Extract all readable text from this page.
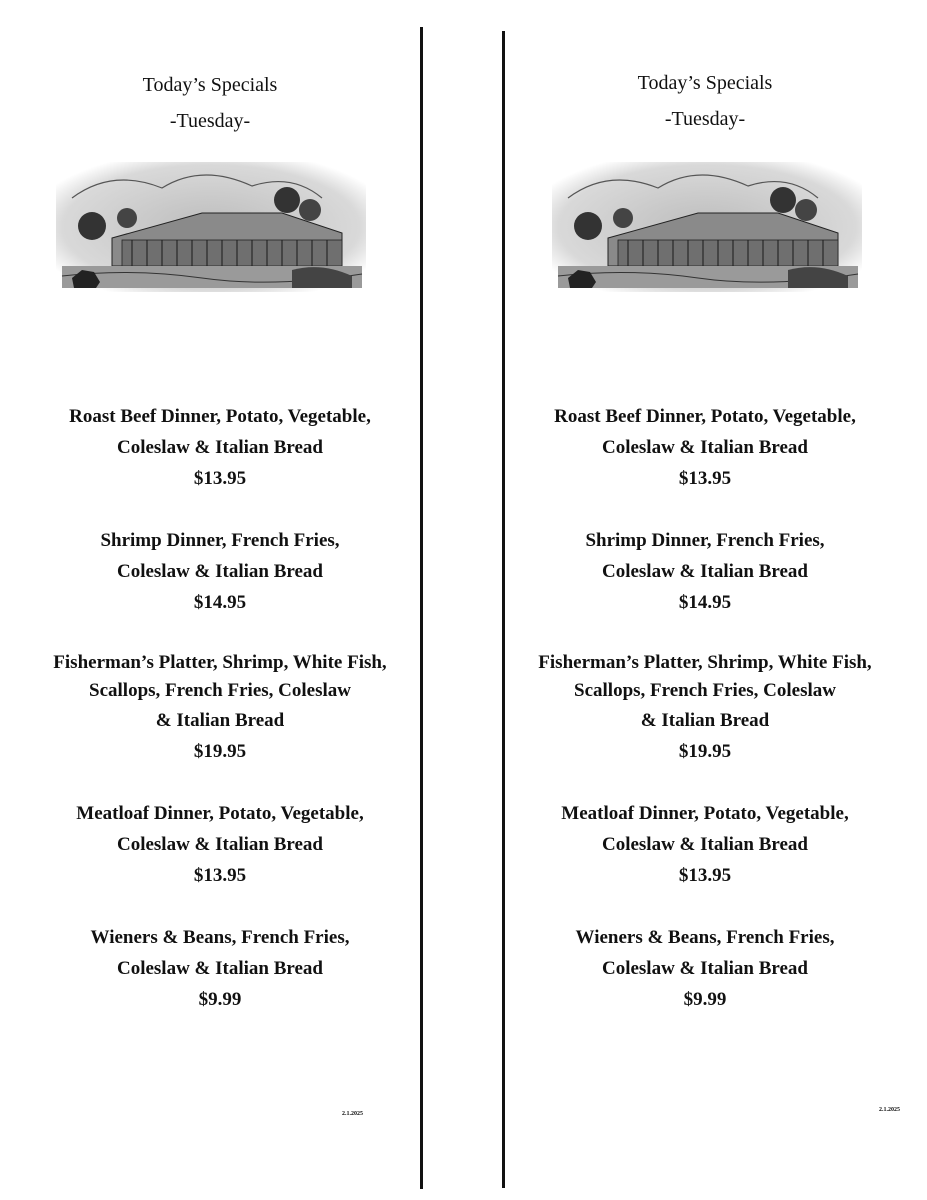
Today’s Specials
-Tuesday-
Roast Beef Dinner, Potato, Vegetable,
Coleslaw & Italian Bread
$13.95
Shrimp Dinner, French Fries,
Coleslaw & Italian Bread
$14.95
Fisherman’s Platter, Shrimp, White Fish,
Scallops, French Fries, Coleslaw
& Italian Bread
$19.95
Meatloaf Dinner, Potato, Vegetable,
Coleslaw & Italian Bread
$13.95
Wieners & Beans, French Fries,
Coleslaw & Italian Bread
$9.99
2.1.2025
Today’s Specials
-Tuesday-
Roast Beef Dinner, Potato, Vegetable,
Coleslaw & Italian Bread
$13.95
Shrimp Dinner, French Fries,
Coleslaw & Italian Bread
$14.95
Fisherman’s Platter, Shrimp, White Fish,
Scallops, French Fries, Coleslaw
& Italian Bread
$19.95
Meatloaf Dinner, Potato, Vegetable,
Coleslaw & Italian Bread
$13.95
Wieners & Beans, French Fries,
Coleslaw & Italian Bread
$9.99
2.1.2025
